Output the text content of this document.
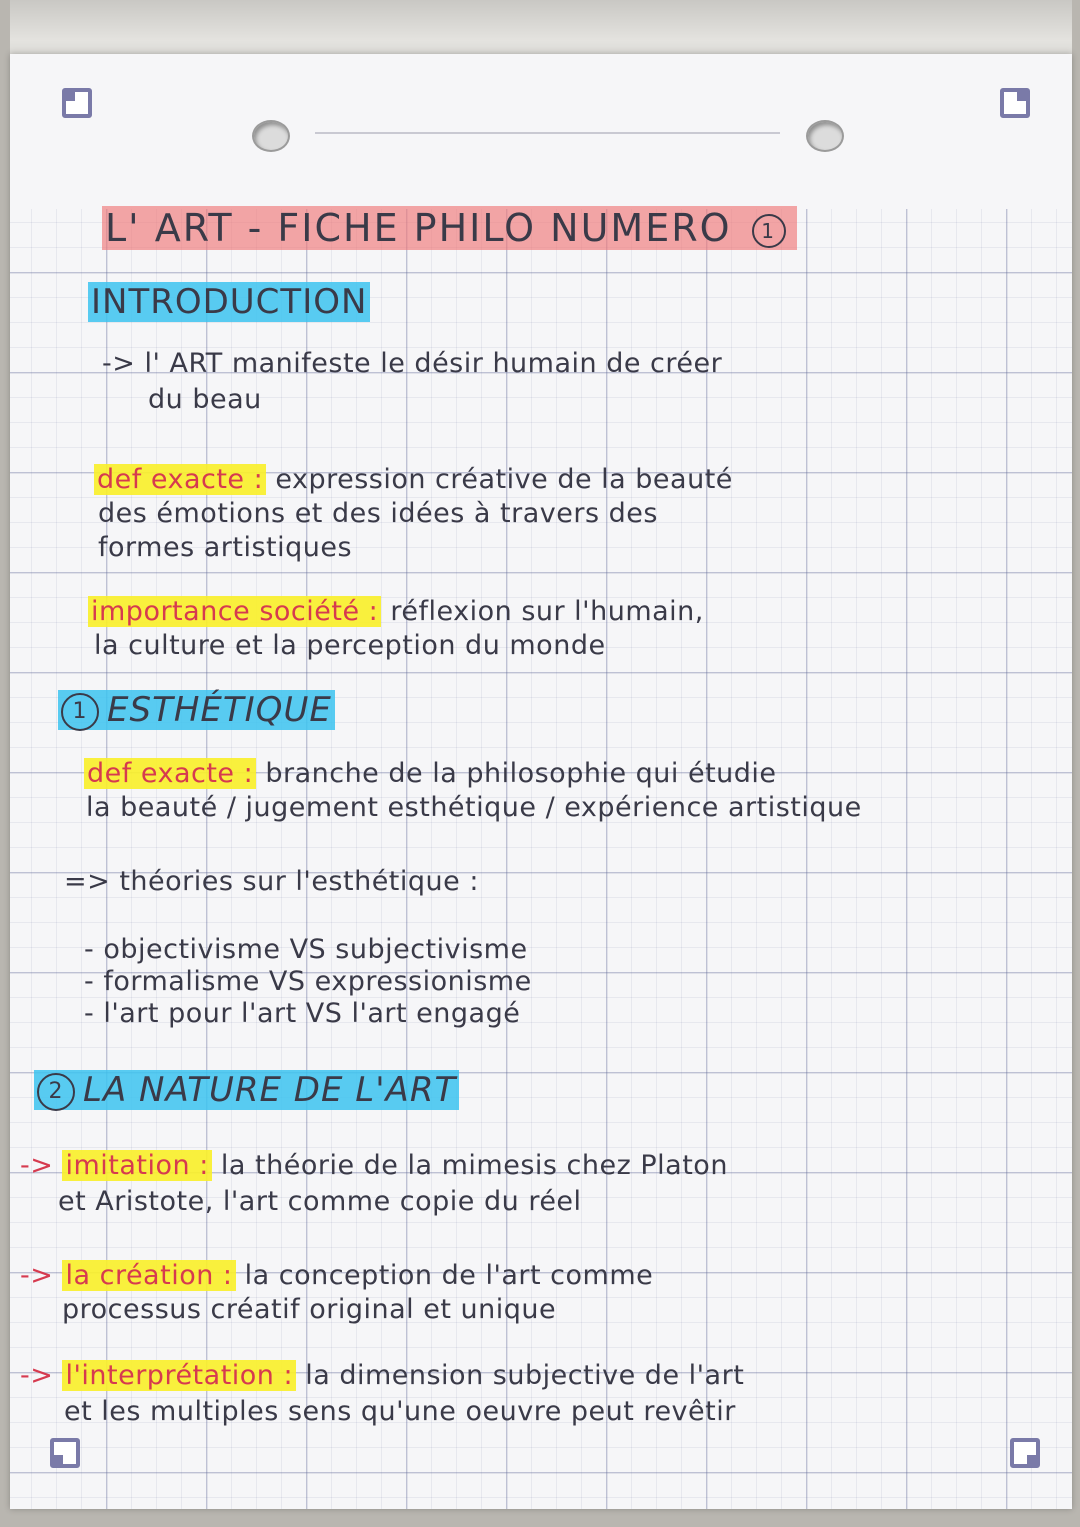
L' ART - FICHE PHILO NUMERO 1
INTRODUCTION
-> l' ART manifeste le désir humain de créer
du beau
def exacte : expression créative de la beauté
des émotions et des idées à travers des
formes artistiques
importance société : réflexion sur l'humain,
la culture et la perception du monde
1 ESTHÉTIQUE
def exacte : branche de la philosophie qui étudie
la beauté / jugement esthétique / expérience artistique
=> théories sur l'esthétique :
- objectivisme VS subjectivisme
- formalisme VS expressionisme
- l'art pour l'art VS l'art engagé
2 LA NATURE DE L'ART
-> imitation : la théorie de la mimesis chez Platon
et Aristote, l'art comme copie du réel
-> la création : la conception de l'art comme
processus créatif original et unique
-> l'interprétation : la dimension subjective de l'art
et les multiples sens qu'une oeuvre peut revêtir
